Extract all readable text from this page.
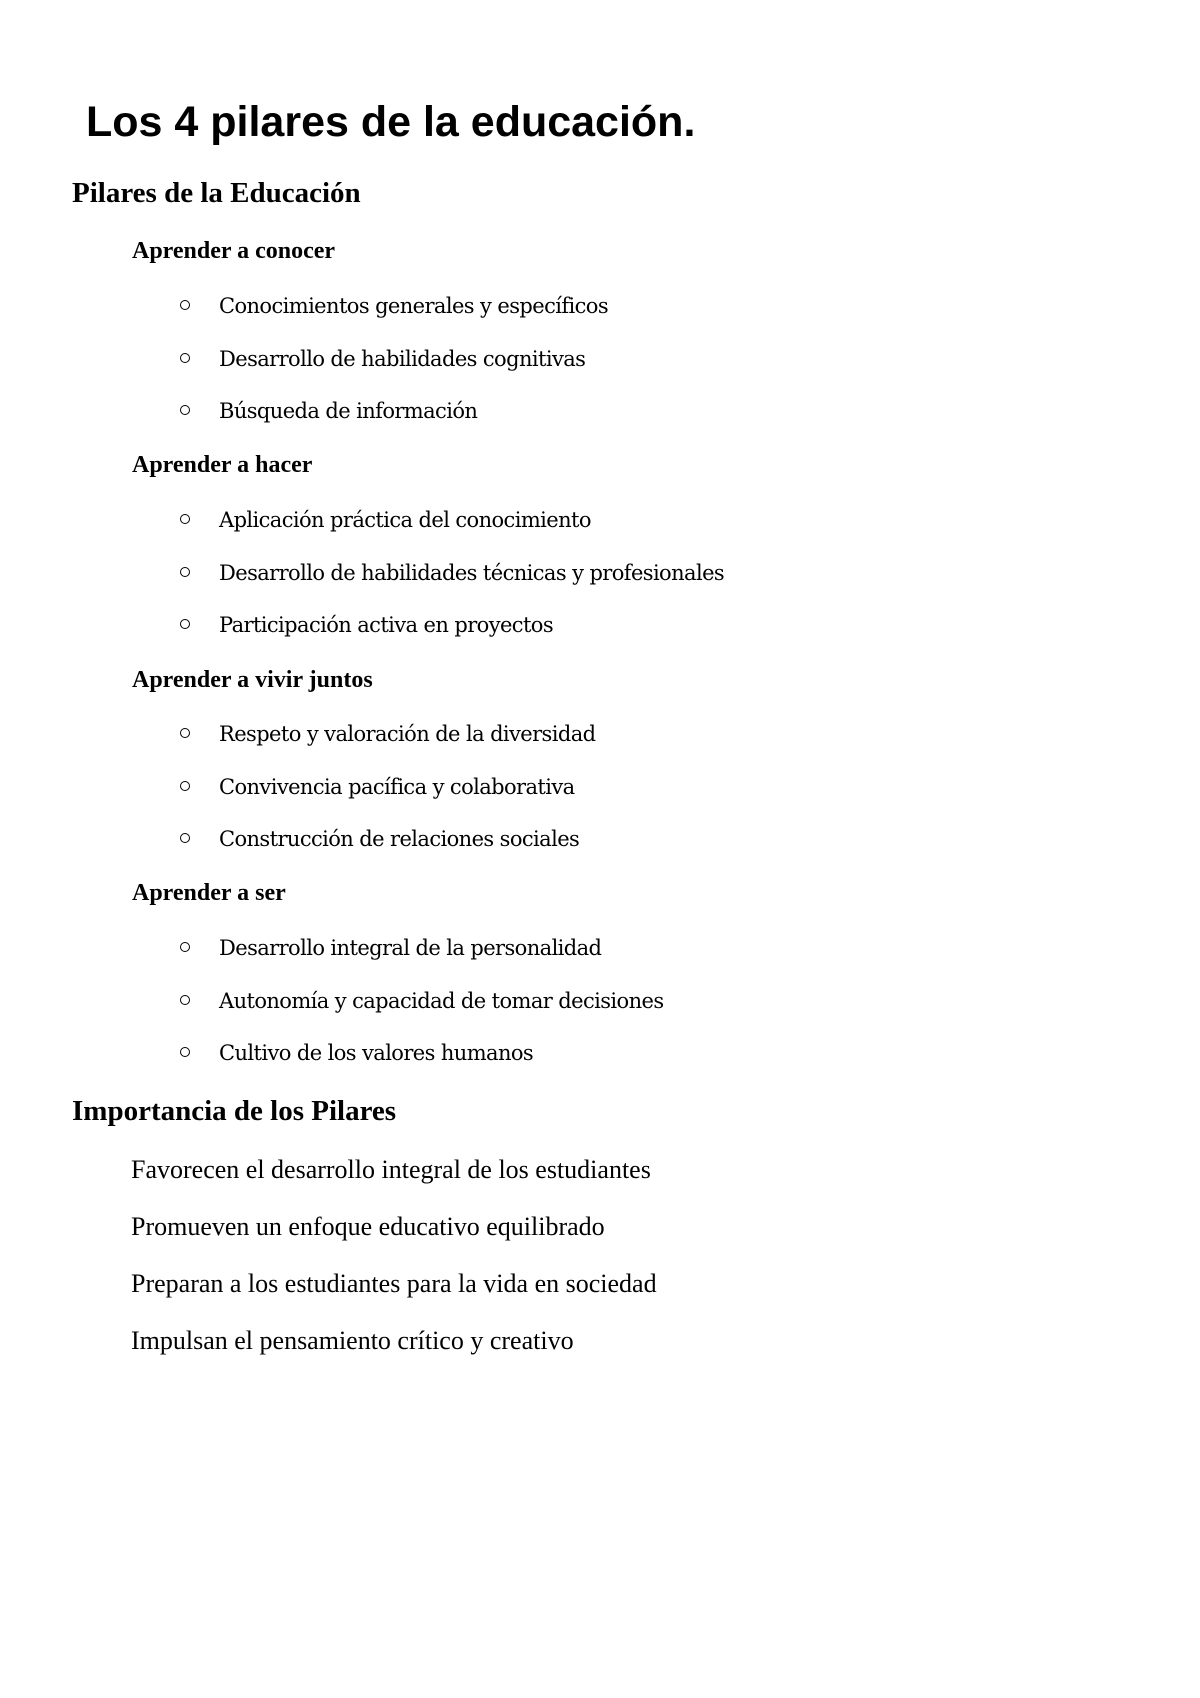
Los 4 pilares de la educación.
Pilares de la Educación
Aprender a conocer
Conocimientos generales y específicos
Desarrollo de habilidades cognitivas
Búsqueda de información
Aprender a hacer
Aplicación práctica del conocimiento
Desarrollo de habilidades técnicas y profesionales
Participación activa en proyectos
Aprender a vivir juntos
Respeto y valoración de la diversidad
Convivencia pacífica y colaborativa
Construcción de relaciones sociales
Aprender a ser
Desarrollo integral de la personalidad
Autonomía y capacidad de tomar decisiones
Cultivo de los valores humanos
Importancia de los Pilares
Favorecen el desarrollo integral de los estudiantes
Promueven un enfoque educativo equilibrado
Preparan a los estudiantes para la vida en sociedad
Impulsan el pensamiento crítico y creativo
